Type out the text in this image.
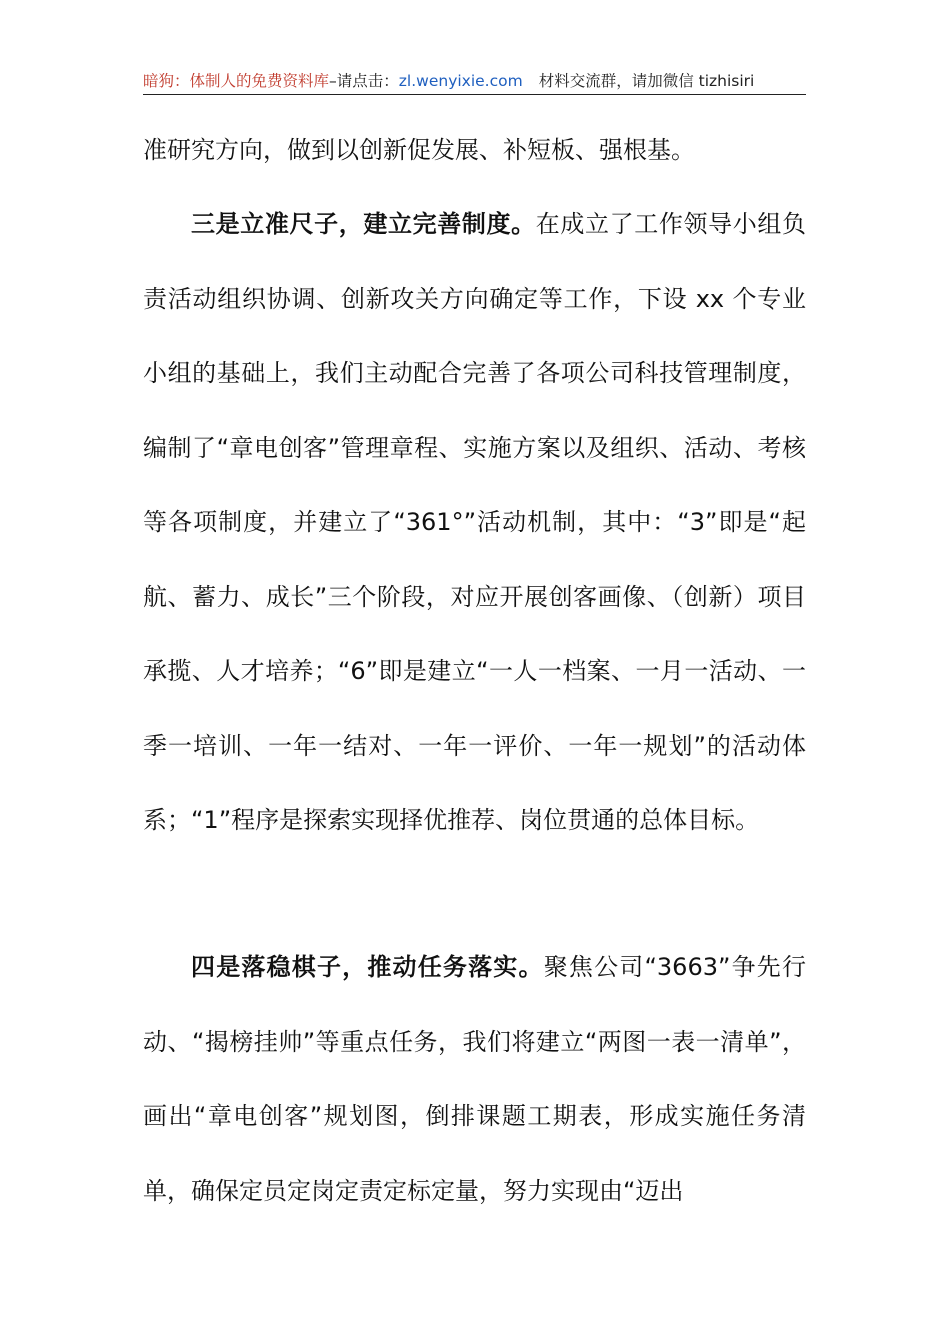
暗狗：体制人的免费资料库–请点击：zl.wenyixie.com 材料交流群，请加微信 tizhisiri

准研究方向，做到以创新促发展、补短板、强根基。

三是立准尺子，建立完善制度。在成立了工作领导小组负责活动组织协调、创新攻关方向确定等工作，下设 xx 个专业小组的基础上，我们主动配合完善了各项公司科技管理制度，编制了“章电创客”管理章程、实施方案以及组织、活动、考核等各项制度，并建立了“361°”活动机制，其中：“3”即是“起航、蓄力、成长”三个阶段，对应开展创客画像、（创新）项目承揽、人才培养；“6”即是建立“一人一档案、一月一活动、一季一培训、一年一结对、一年一评价、一年一规划”的活动体系；“1”程序是探索实现择优推荐、岗位贯通的总体目标。

四是落稳棋子，推动任务落实。聚焦公司“3663”争先行动、“揭榜挂帅”等重点任务，我们将建立“两图一表一清单”，画出“章电创客”规划图，倒排课题工期表，形成实施任务清单，确保定员定岗定责定标定量，努力实现由“迈出
